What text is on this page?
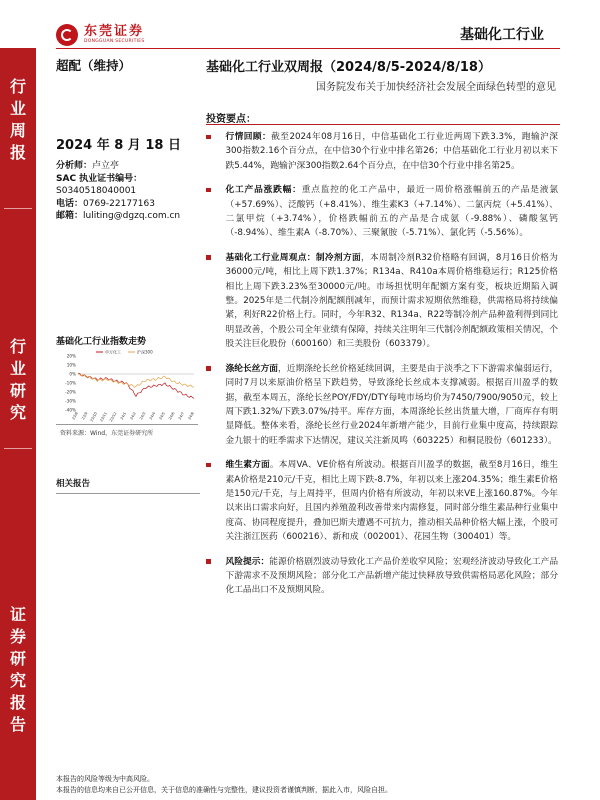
东莞证券
DONGGUAN SECURITIES	基础化工行业
行
业
周
报
行
业
研
究
证
券
研
究
报
告
超配（维持）
2024 年 8 月 18 日
分析师：卢立亭
SAC 执业证书编号：
S0340518040001
电话：0769-22177163
邮箱：luliting@dgzq.com.cn
基础化工行业指数走势
20%
10%
0%
-10%
-20%
-30%
-40%
23/8 23/9 23/10 23/11 23/12 24/1 24/2 24/3 24/4 24/5 24/6 24/7 24/8
申万化工	沪深300
资料来源：Wind，东莞证券研究所
相关报告
基础化工行业双周报（2024/8/5-2024/8/18）
国务院发布关于加快经济社会发展全面绿色转型的意见
投资要点：
行情回顾：截至2024年08月16日，中信基础化工行业近两周下跌3.3%，跑输沪深300指数2.16个百分点，在中信30个行业中排名第26；中信基础化工行业月初以来下跌5.44%，跑输沪深300指数2.64个百分点，在中信30个行业中排名第25。
化工产品涨跌幅：重点监控的化工产品中，最近一周价格涨幅前五的产品是液氯（+57.69%）、泛酸钙（+8.41%）、维生素K3（+7.14%）、二氯丙烷（+5.41%）、二氯甲烷（+3.74%），价格跌幅前五的产品是合成氨（-9.88%）、磷酸氢钙（-8.94%）、维生素A（-8.70%）、三聚氰胺（-5.71%）、氯化钙（-5.56%）。
基础化工行业周观点：制冷剂方面，本周制冷剂R32价格略有回调，8月16日价格为36000元/吨，相比上周下跌1.37%；R134a、R410a本周价格维稳运行；R125价格相比上周下跌3.23%至30000元/吨。市场担忧明年配额方案有变，板块近期陷入调整。2025年是二代制冷剂配额削减年，而预计需求短期依然维稳，供需格局将持续偏紧，利好R22价格上行。同时，今年R32、R134a、R22等制冷剂产品种盈利得到同比明显改善，个股公司全年业绩有保障，持续关注明年三代制冷剂配额政策相关情况，个股关注巨化股份（600160）和三美股份（603379）。
涤纶长丝方面，近期涤纶长丝价格延续回调，主要是由于淡季之下下游需求偏弱运行，同时7月以来原油价格呈下跌趋势，导致涤纶长丝成本支撑减弱。根据百川盈孚的数据，截至本周五，涤纶长丝POY/FDY/DTY每吨市场均价为7450/7900/9050元，较上周下跌1.32%/下跌3.07%/持平。库存方面，本周涤纶长丝出货量大增，厂商库存有明显降低。整体来看，涤纶长丝行业2024年新增产能少，目前行业集中度高，持续跟踪金九银十的旺季需求下达情况，建议关注新凤鸣（603225）和桐昆股份（601233）。
维生素方面。本周VA、VE价格有所波动。根据百川盈孚的数据，截至8月16日，维生素A价格是210元/千克，相比上周下跌-8.7%，年初以来上涨204.35%；维生素E价格是150元/千克，与上周持平，但周内价格有所波动，年初以来VE上涨160.87%。今年以来出口需求向好，且国内养殖盈利改善带来内需修复，同时部分维生素品种行业集中度高、协同程度提升，叠加巴斯夫遭遇不可抗力，推动相关品种价格大幅上涨，个股可关注浙江医药（600216）、新和成（002001）、花园生物（300401）等。
风险提示：能源价格剧烈波动导致化工产品价差收窄风险；宏观经济波动导致化工产品下游需求不及预期风险；部分化工产品新增产能过快释放导致供需格局恶化风险；部分化工品出口不及预期风险。
本报告的风险等级为中高风险。
本报告的信息均来自已公开信息，关于信息的准确性与完整性，建议投资者谨慎判断，据此入市，风险自担。
